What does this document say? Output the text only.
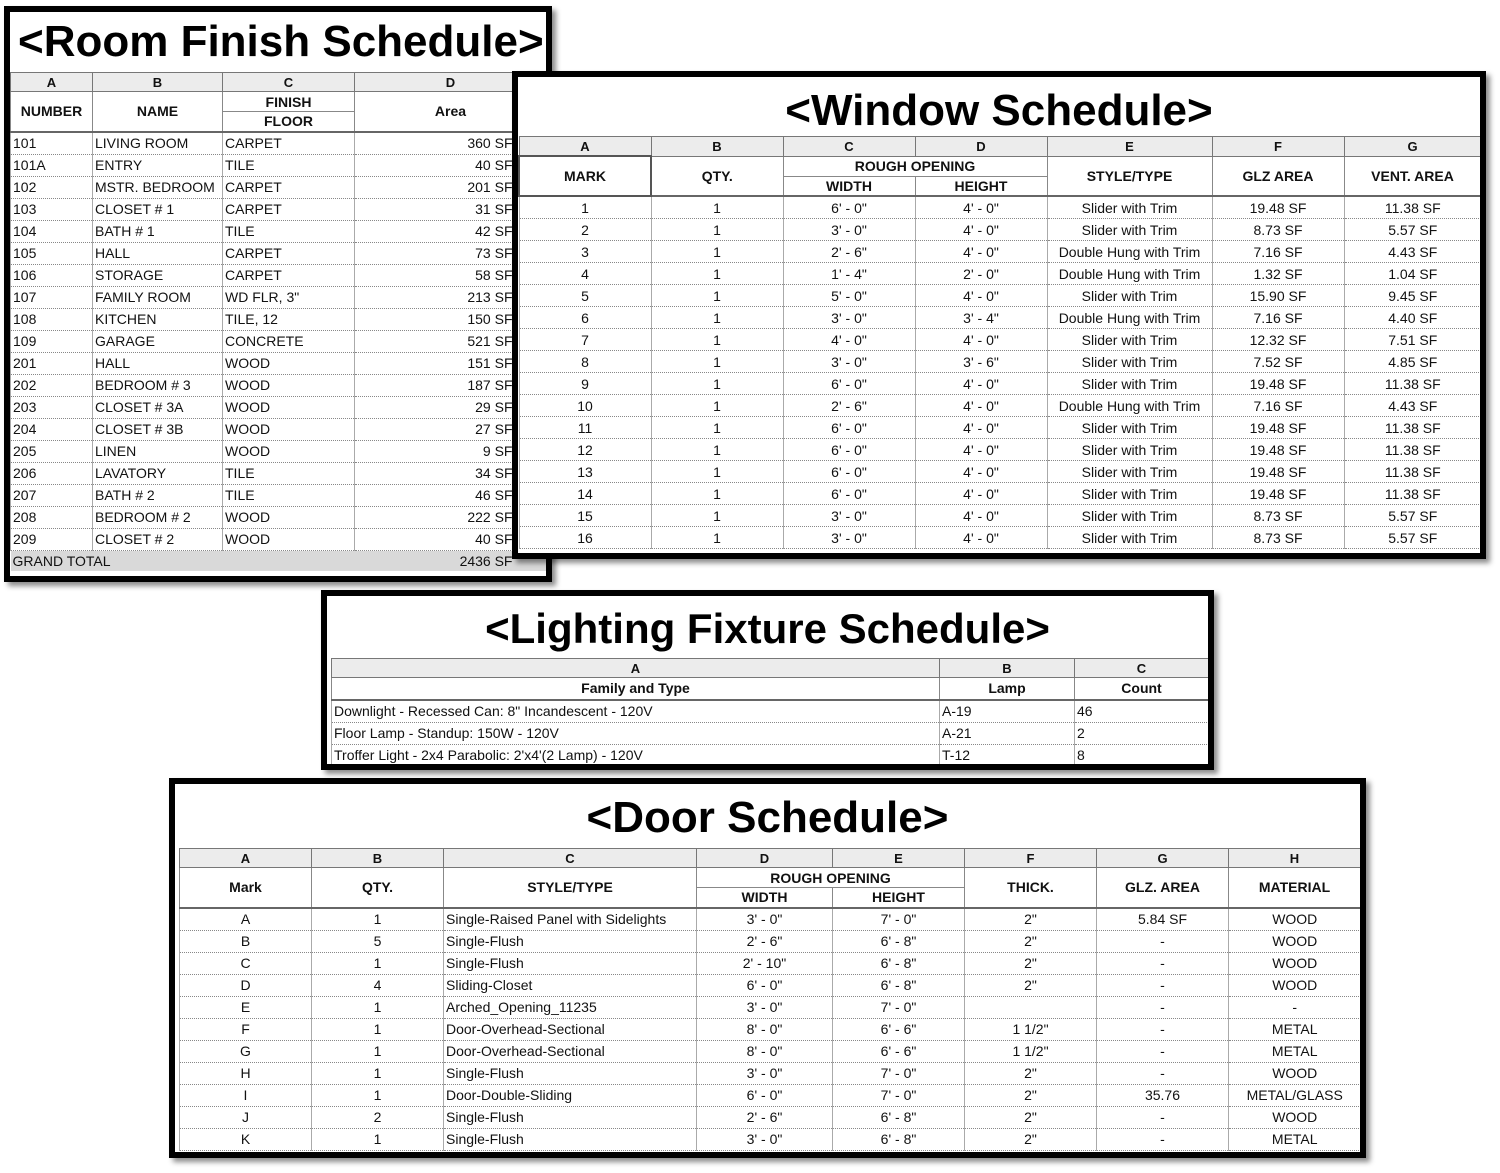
<Room Finish Schedule>
A	B	C	D
NUMBER	NAME	FINISH	Area
		FLOOR	
101	LIVING ROOM	CARPET	360 SF
101A	ENTRY	TILE	40 SF
102	MSTR. BEDROOM	CARPET	201 SF
103	CLOSET # 1	CARPET	31 SF
104	BATH # 1	TILE	42 SF
105	HALL	CARPET	73 SF
106	STORAGE	CARPET	58 SF
107	FAMILY ROOM	WD FLR, 3"	213 SF
108	KITCHEN	TILE, 12	150 SF
109	GARAGE	CONCRETE	521 SF
201	HALL	WOOD	151 SF
202	BEDROOM # 3	WOOD	187 SF
203	CLOSET # 3A	WOOD	29 SF
204	CLOSET # 3B	WOOD	27 SF
205	LINEN	WOOD	9 SF
206	LAVATORY	TILE	34 SF
207	BATH # 2	TILE	46 SF
208	BEDROOM # 2	WOOD	222 SF
209	CLOSET # 2	WOOD	40 SF
GRAND TOTAL			2436 SF
<Window Schedule>
A	B	C	D	E	F	G
MARK	QTY.	ROUGH OPENING		STYLE/TYPE	GLZ AREA	VENT. AREA
		WIDTH	HEIGHT			
1	1	6' - 0"	4' - 0"	Slider with Trim	19.48 SF	11.38 SF
2	1	3' - 0"	4' - 0"	Slider with Trim	8.73 SF	5.57 SF
3	1	2' - 6"	4' - 0"	Double Hung with Trim	7.16 SF	4.43 SF
4	1	1' - 4"	2' - 0"	Double Hung with Trim	1.32 SF	1.04 SF
5	1	5' - 0"	4' - 0"	Slider with Trim	15.90 SF	9.45 SF
6	1	3' - 0"	3' - 4"	Double Hung with Trim	7.16 SF	4.40 SF
7	1	4' - 0"	4' - 0"	Slider with Trim	12.32 SF	7.51 SF
8	1	3' - 0"	3' - 6"	Slider with Trim	7.52 SF	4.85 SF
9	1	6' - 0"	4' - 0"	Slider with Trim	19.48 SF	11.38 SF
10	1	2' - 6"	4' - 0"	Double Hung with Trim	7.16 SF	4.43 SF
11	1	6' - 0"	4' - 0"	Slider with Trim	19.48 SF	11.38 SF
12	1	6' - 0"	4' - 0"	Slider with Trim	19.48 SF	11.38 SF
13	1	6' - 0"	4' - 0"	Slider with Trim	19.48 SF	11.38 SF
14	1	6' - 0"	4' - 0"	Slider with Trim	19.48 SF	11.38 SF
15	1	3' - 0"	4' - 0"	Slider with Trim	8.73 SF	5.57 SF
16	1	3' - 0"	4' - 0"	Slider with Trim	8.73 SF	5.57 SF
<Lighting Fixture Schedule>
A	B	C
Family and Type	Lamp	Count
Downlight - Recessed Can: 8" Incandescent - 120V	A-19	46
Floor Lamp - Standup: 150W - 120V	A-21	2
Troffer Light - 2x4 Parabolic: 2'x4'(2 Lamp) - 120V	T-12	8
<Door Schedule>
A	B	C	D	E	F	G	H
Mark	QTY.	STYLE/TYPE	ROUGH OPENING		THICK.	GLZ. AREA	MATERIAL
			WIDTH	HEIGHT			
A	1	Single-Raised Panel with Sidelights	3' - 0"	7' - 0"	2"	5.84 SF	WOOD
B	5	Single-Flush	2' - 6"	6' - 8"	2"	-	WOOD
C	1	Single-Flush	2' - 10"	6' - 8"	2"	-	WOOD
D	4	Sliding-Closet	6' - 0"	6' - 8"	2"	-	WOOD
E	1	Arched_Opening_11235	3' - 0"	7' - 0"		-	-
F	1	Door-Overhead-Sectional	8' - 0"	6' - 6"	1 1/2"	-	METAL
G	1	Door-Overhead-Sectional	8' - 0"	6' - 6"	1 1/2"	-	METAL
H	1	Single-Flush	3' - 0"	7' - 0"	2"	-	WOOD
I	1	Door-Double-Sliding	6' - 0"	7' - 0"	2"	35.76	METAL/GLASS
J	2	Single-Flush	2' - 6"	6' - 8"	2"	-	WOOD
K	1	Single-Flush	3' - 0"	6' - 8"	2"	-	METAL
